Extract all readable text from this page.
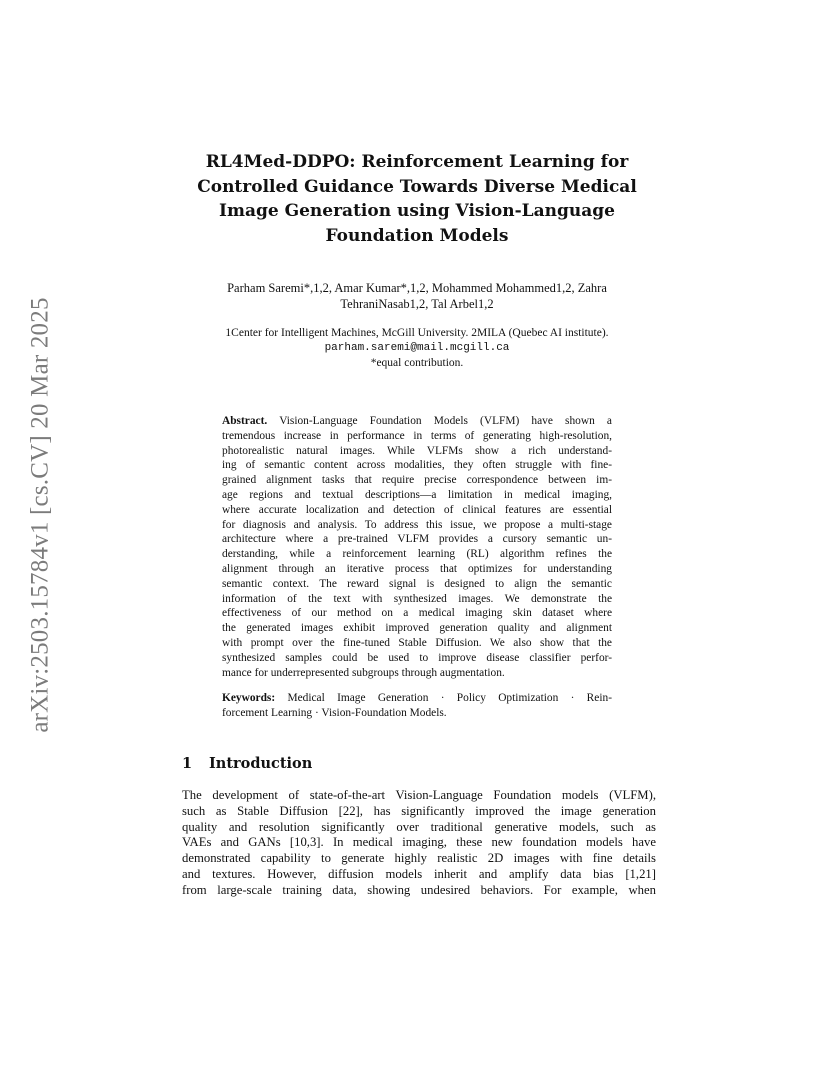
arXiv:2503.15784v1 [cs.CV] 20 Mar 2025
RL4Med-DDPO: Reinforcement Learning for
Controlled Guidance Towards Diverse Medical
Image Generation using Vision-Language
Foundation Models
Parham Saremi*,1,2, Amar Kumar*,1,2, Mohammed Mohammed1,2, Zahra
TehraniNasab1,2, Tal Arbel1,2
1Center for Intelligent Machines, McGill University. 2MILA (Quebec AI institute).
parham.saremi@mail.mcgill.ca
*equal contribution.
Abstract. Vision-Language Foundation Models (VLFM) have shown a
tremendous increase in performance in terms of generating high-resolution,
photorealistic natural images. While VLFMs show a rich understand-
ing of semantic content across modalities, they often struggle with fine-
grained alignment tasks that require precise correspondence between im-
age regions and textual descriptions—a limitation in medical imaging,
where accurate localization and detection of clinical features are essential
for diagnosis and analysis. To address this issue, we propose a multi-stage
architecture where a pre-trained VLFM provides a cursory semantic un-
derstanding, while a reinforcement learning (RL) algorithm refines the
alignment through an iterative process that optimizes for understanding
semantic context. The reward signal is designed to align the semantic
information of the text with synthesized images. We demonstrate the
effectiveness of our method on a medical imaging skin dataset where
the generated images exhibit improved generation quality and alignment
with prompt over the fine-tuned Stable Diffusion. We also show that the
synthesized samples could be used to improve disease classifier perfor-
mance for underrepresented subgroups through augmentation.
Keywords: Medical Image Generation · Policy Optimization · Rein-
forcement Learning · Vision-Foundation Models.
1	Introduction
The development of state-of-the-art Vision-Language Foundation models (VLFM),
such as Stable Diffusion [22], has significantly improved the image generation
quality and resolution significantly over traditional generative models, such as
VAEs and GANs [10,3]. In medical imaging, these new foundation models have
demonstrated capability to generate highly realistic 2D images with fine details
and textures. However, diffusion models inherit and amplify data bias [1,21]
from large-scale training data, showing undesired behaviors. For example, when
